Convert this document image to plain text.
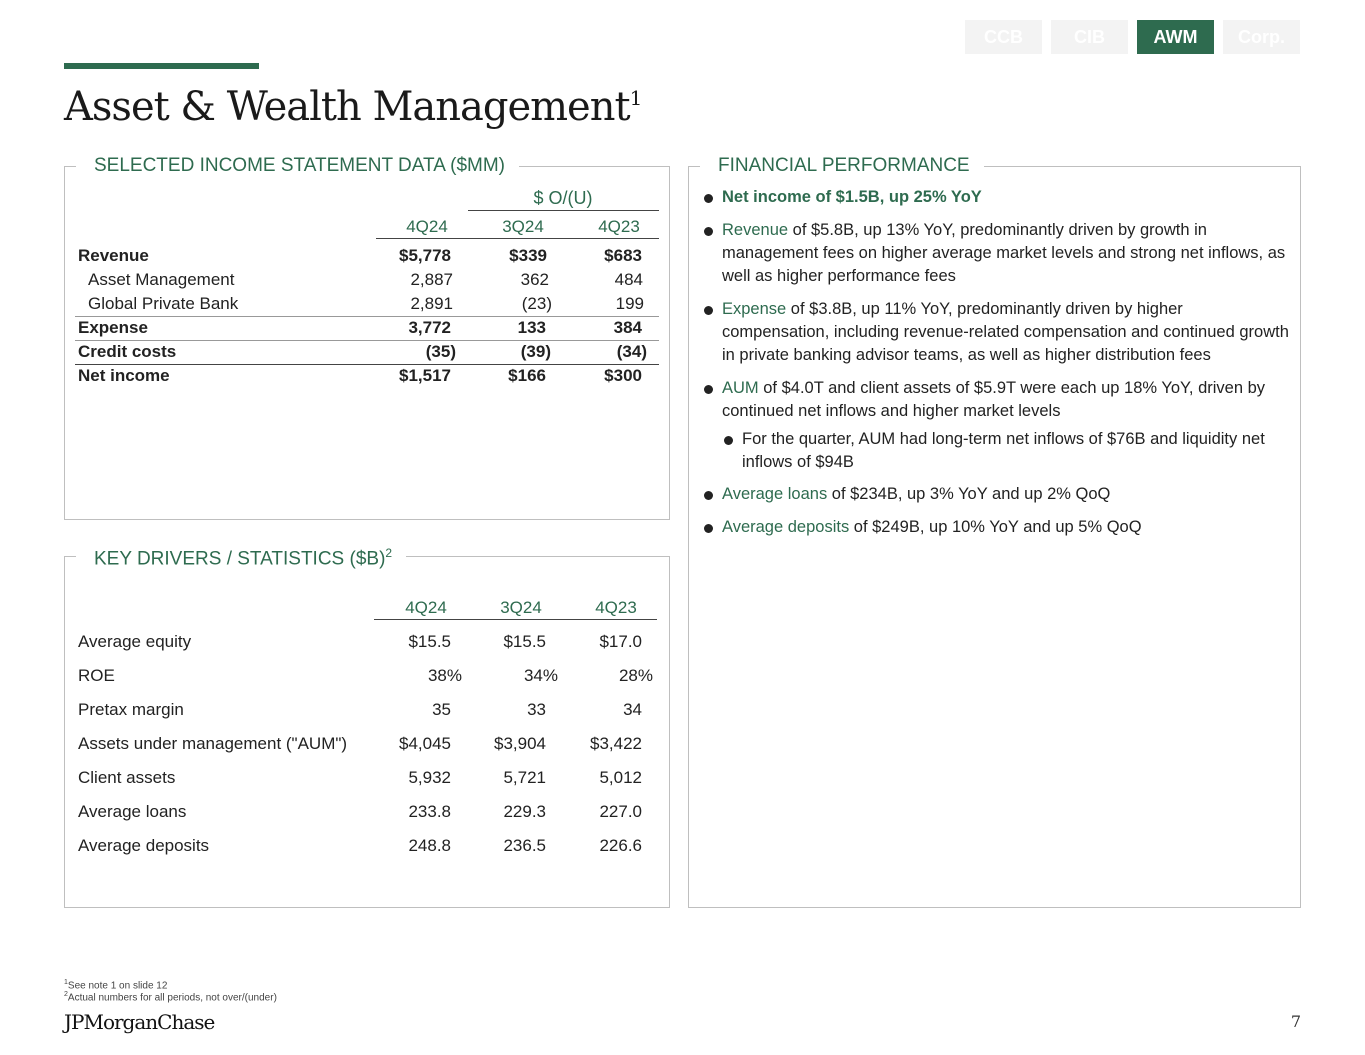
CCB	CIB	AWM Corp.
Asset & Wealth Management$^1$
SELECTED INCOME STATEMENT DATA ($MM)
$ O/(U)
4Q24	3Q24	4Q23
Revenue	$5,778	$339	$683
Asset Management	2,887	362	484
Global Private Bank	2,891	(23)	199
Expense	3,772	133	384
Credit costs	(35)	(39)	(34)
Net income	$1,517	$166	$300
KEY DRIVERS / STATISTICS ($B)$^2$
4Q24	3Q24	4Q23
Average equity	$15.5	$15.5	$17.0
ROE	38%	34%	28%
Pretax margin	35	33	34
Assets under management ("AUM")	$4,045	$3,904	$3,422
Client assets	5,932	5,721	5,012
Average loans	233.8	229.3	227.0
Average deposits	248.8	236.5	226.6
FINANCIAL PERFORMANCE
Net income of $1.5B, up 25% YoY
Revenue of $5.8B, up 13% YoY, predominantly driven by growth in management fees on higher average market levels and strong net inflows, as well as higher performance fees
Expense of $3.8B, up 11% YoY, predominantly driven by higher compensation, including revenue-related compensation and continued growth in private banking advisor teams, as well as higher distribution fees
AUM of $4.0T and client assets of $5.9T were each up 18% YoY, driven by continued net inflows and higher market levels
For the quarter, AUM had long-term net inflows of $76B and liquidity net inflows of $94B
Average loans of $234B, up 3% YoY and up 2% QoQ
Average deposits of $249B, up 10% YoY and up 5% QoQ
$^1$See note 1 on slide 12
$^2$Actual numbers for all periods, not over/(under)
JPMorganChase	7
